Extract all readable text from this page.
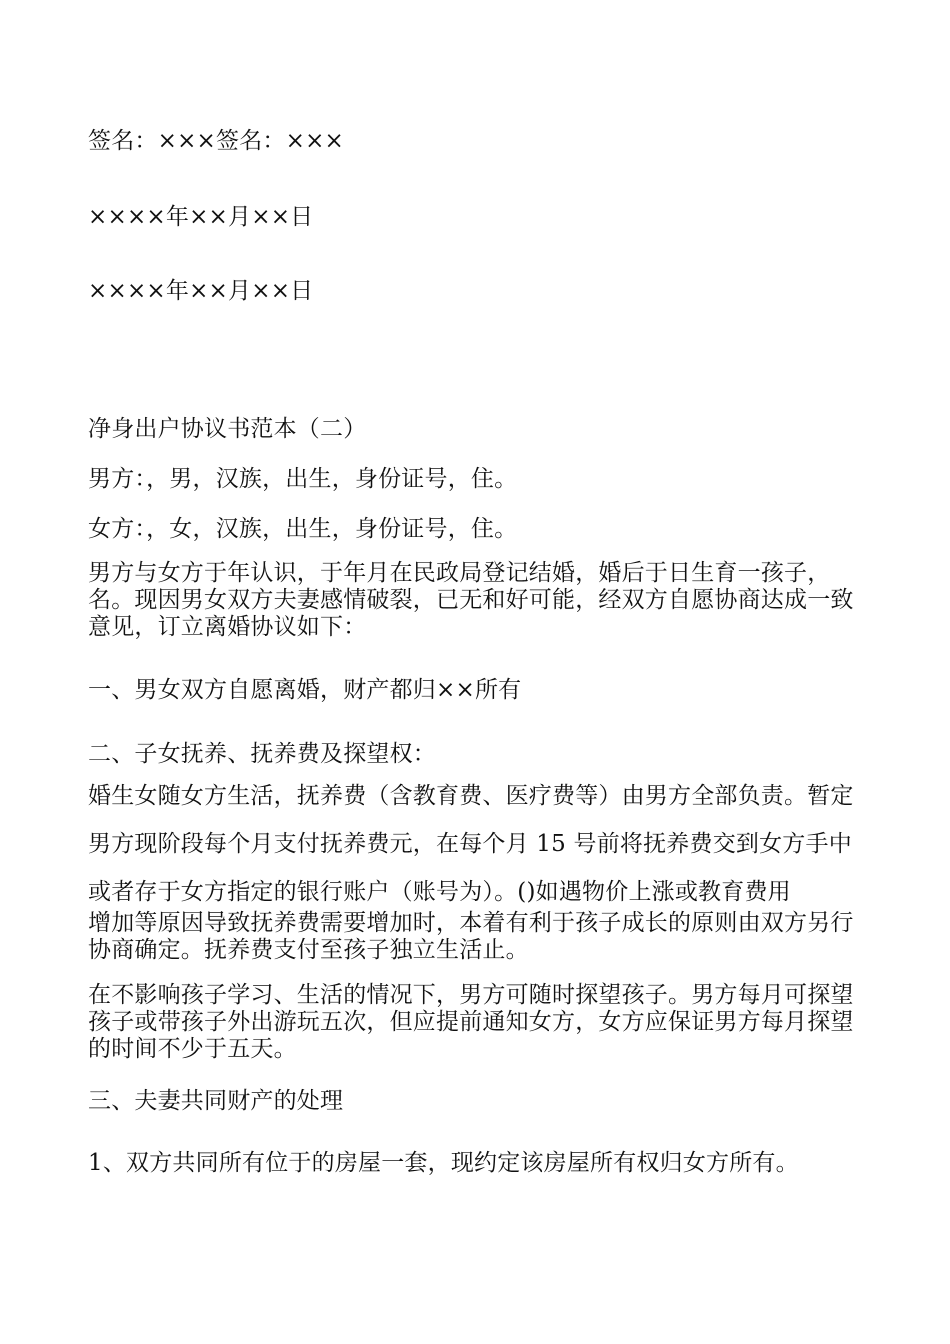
签名：×××签名：×××
××××年××月××日
××××年××月××日
净身出户协议书范本（二）
男方：，男，汉族，出生，身份证号，住。
女方：，女，汉族，出生，身份证号，住。
男方与女方于年认识，于年月在民政局登记结婚，婚后于日生育一孩子，名。现因男女双方夫妻感情破裂，已无和好可能，经双方自愿协商达成一致意见，订立离婚协议如下：
一、男女双方自愿离婚，财产都归××所有
二、子女抚养、抚养费及探望权：
婚生女随女方生活，抚养费（含教育费、医疗费等）由男方全部负责。暂定男方现阶段每个月支付抚养费元，在每个月 15 号前将抚养费交到女方手中或者存于女方指定的银行账户（账号为）。()如遇物价上涨或教育费用
增加等原因导致抚养费需要增加时，本着有利于孩子成长的原则由双方另行协商确定。抚养费支付至孩子独立生活止。
在不影响孩子学习、生活的情况下，男方可随时探望孩子。男方每月可探望孩子或带孩子外出游玩五次，但应提前通知女方，女方应保证男方每月探望的时间不少于五天。
三、夫妻共同财产的处理
1、双方共同所有位于的房屋一套，现约定该房屋所有权归女方所有。
